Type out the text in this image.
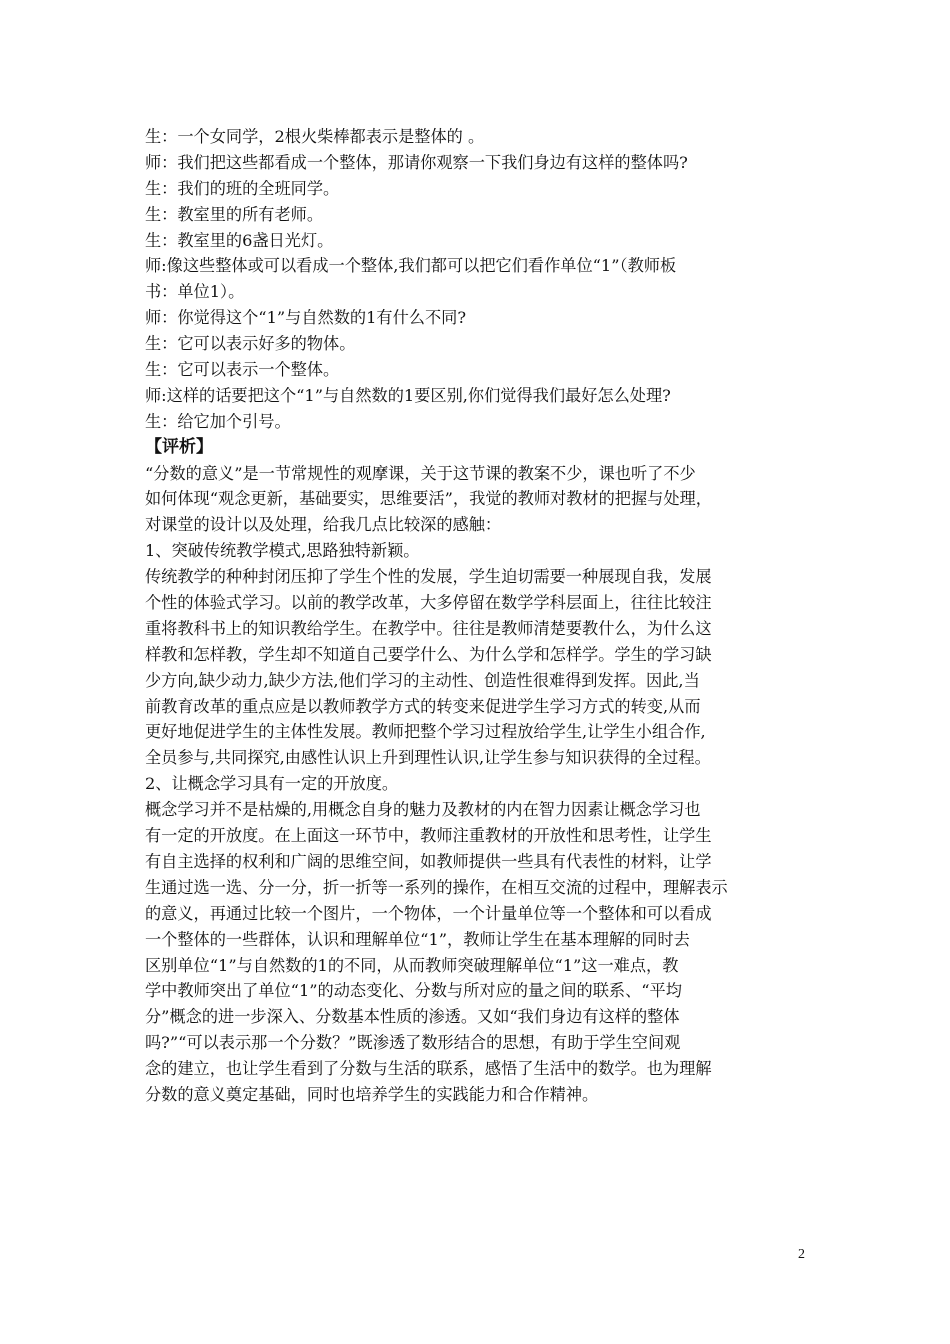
生：一个女同学，2根火柴棒都表示是整体的 。
师：我们把这些都看成一个整体，那请你观察一下我们身边有这样的整体吗?
生：我们的班的全班同学。
生：教室里的所有老师。
生：教室里的6盏日光灯。
师:像这些整体或可以看成一个整体,我们都可以把它们看作单位“1”（教师板
书：单位1）。
师：你觉得这个“1”与自然数的1有什么不同?
生：它可以表示好多的物体。
生：它可以表示一个整体。
师:这样的话要把这个“1”与自然数的1要区别,你们觉得我们最好怎么处理?
生：给它加个引号。
【评析】
“分数的意义”是一节常规性的观摩课，关于这节课的教案不少，课也听了不少
如何体现“观念更新，基础要实，思维要活”，我觉的教师对教材的把握与处理，
对课堂的设计以及处理，给我几点比较深的感触：
1、突破传统教学模式,思路独特新颖。
传统教学的种种封闭压抑了学生个性的发展，学生迫切需要一种展现自我，发展
个性的体验式学习。以前的教学改革，大多停留在数学学科层面上，往往比较注
重将教科书上的知识教给学生。在教学中。往往是教师清楚要教什么，为什么这
样教和怎样教，学生却不知道自己要学什么、为什么学和怎样学。学生的学习缺
少方向,缺少动力,缺少方法,他们学习的主动性、创造性很难得到发挥。因此,当
前教育改革的重点应是以教师教学方式的转变来促进学生学习方式的转变,从而
更好地促进学生的主体性发展。教师把整个学习过程放给学生,让学生小组合作,
全员参与,共同探究,由感性认识上升到理性认识,让学生参与知识获得的全过程。
2、让概念学习具有一定的开放度。
概念学习并不是枯燥的,用概念自身的魅力及教材的内在智力因素让概念学习也
有一定的开放度。在上面这一环节中，教师注重教材的开放性和思考性，让学生
有自主选择的权利和广阔的思维空间，如教师提供一些具有代表性的材料，让学
生通过选一选、分一分，折一折等一系列的操作，在相互交流的过程中，理解表示
的意义，再通过比较一个图片，一个物体，一个计量单位等一个整体和可以看成
一个整体的一些群体，认识和理解单位“1”，教师让学生在基本理解的同时去
区别单位“1”与自然数的1的不同，从而教师突破理解单位“1”这一难点，教
学中教师突出了单位“1”的动态变化、分数与所对应的量之间的联系、“平均
分”概念的进一步深入、分数基本性质的渗透。又如“我们身边有这样的整体
吗?”“可以表示那一个分数？”既渗透了数形结合的思想，有助于学生空间观
念的建立，也让学生看到了分数与生活的联系，感悟了生活中的数学。也为理解
分数的意义奠定基础，同时也培养学生的实践能力和合作精神。
2
